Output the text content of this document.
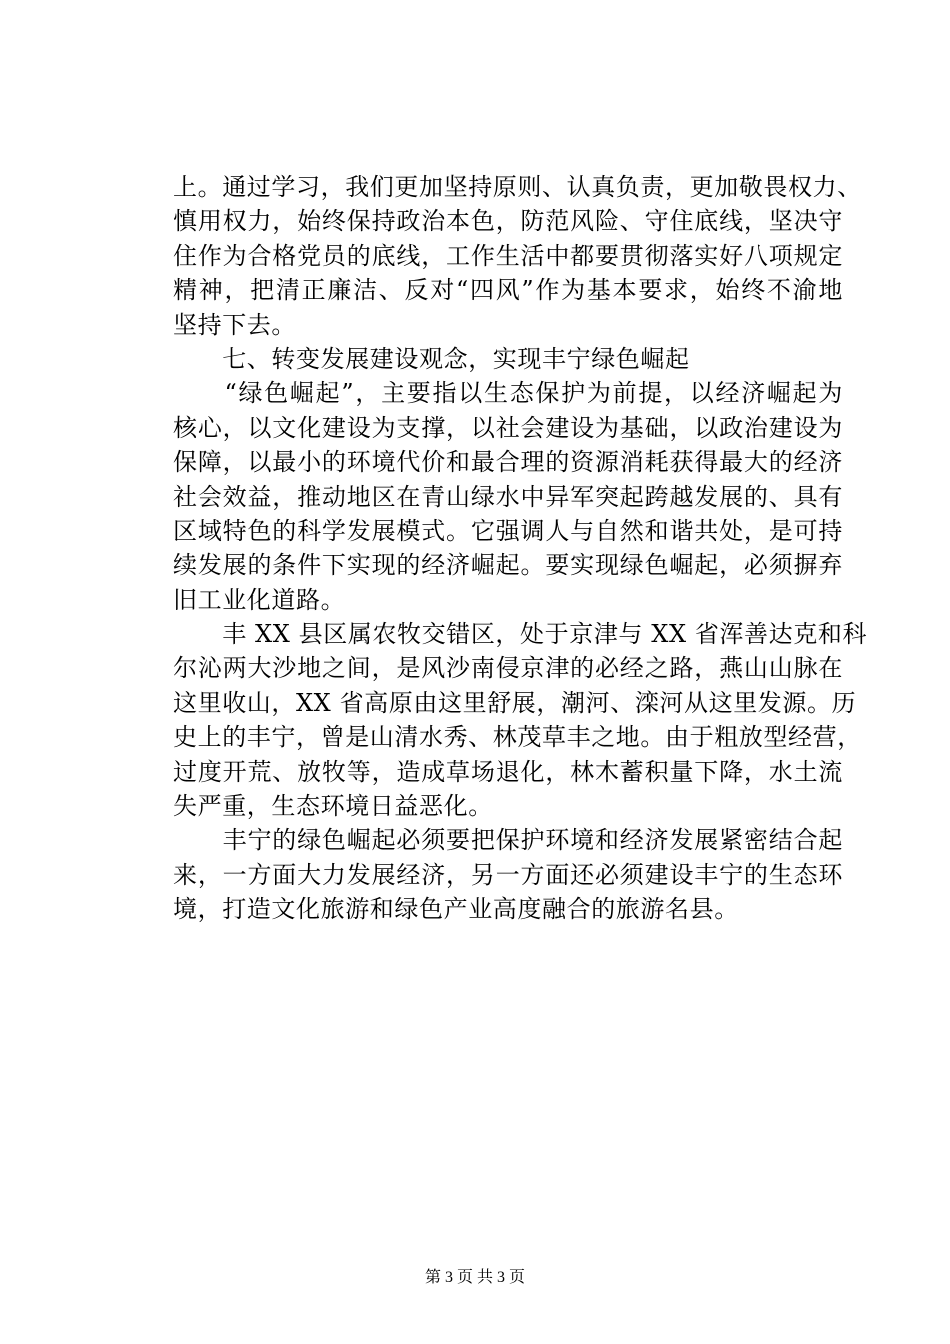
上。通过学习，我们更加坚持原则、认真负责，更加敬畏权力、
慎用权力，始终保持政治本色，防范风险、守住底线，坚决守
住作为合格党员的底线，工作生活中都要贯彻落实好八项规定
精神，把清正廉洁、反对“四风”作为基本要求，始终不渝地
坚持下去。
　　七、转变发展建设观念，实现丰宁绿色崛起
　　“绿色崛起”，主要指以生态保护为前提，以经济崛起为
核心，以文化建设为支撑，以社会建设为基础，以政治建设为
保障，以最小的环境代价和最合理的资源消耗获得最大的经济
社会效益，推动地区在青山绿水中异军突起跨越发展的、具有
区域特色的科学发展模式。它强调人与自然和谐共处，是可持
续发展的条件下实现的经济崛起。要实现绿色崛起，必须摒弃
旧工业化道路。
　　丰 XX 县区属农牧交错区，处于京津与 XX 省浑善达克和科
尔沁两大沙地之间，是风沙南侵京津的必经之路，燕山山脉在
这里收山，XX 省高原由这里舒展，潮河、滦河从这里发源。历
史上的丰宁，曾是山清水秀、林茂草丰之地。由于粗放型经营，
过度开荒、放牧等，造成草场退化，林木蓄积量下降，水土流
失严重，生态环境日益恶化。
　　丰宁的绿色崛起必须要把保护环境和经济发展紧密结合起
来，一方面大力发展经济，另一方面还必须建设丰宁的生态环
境，打造文化旅游和绿色产业高度融合的旅游名县。
第 3 页 共 3 页
